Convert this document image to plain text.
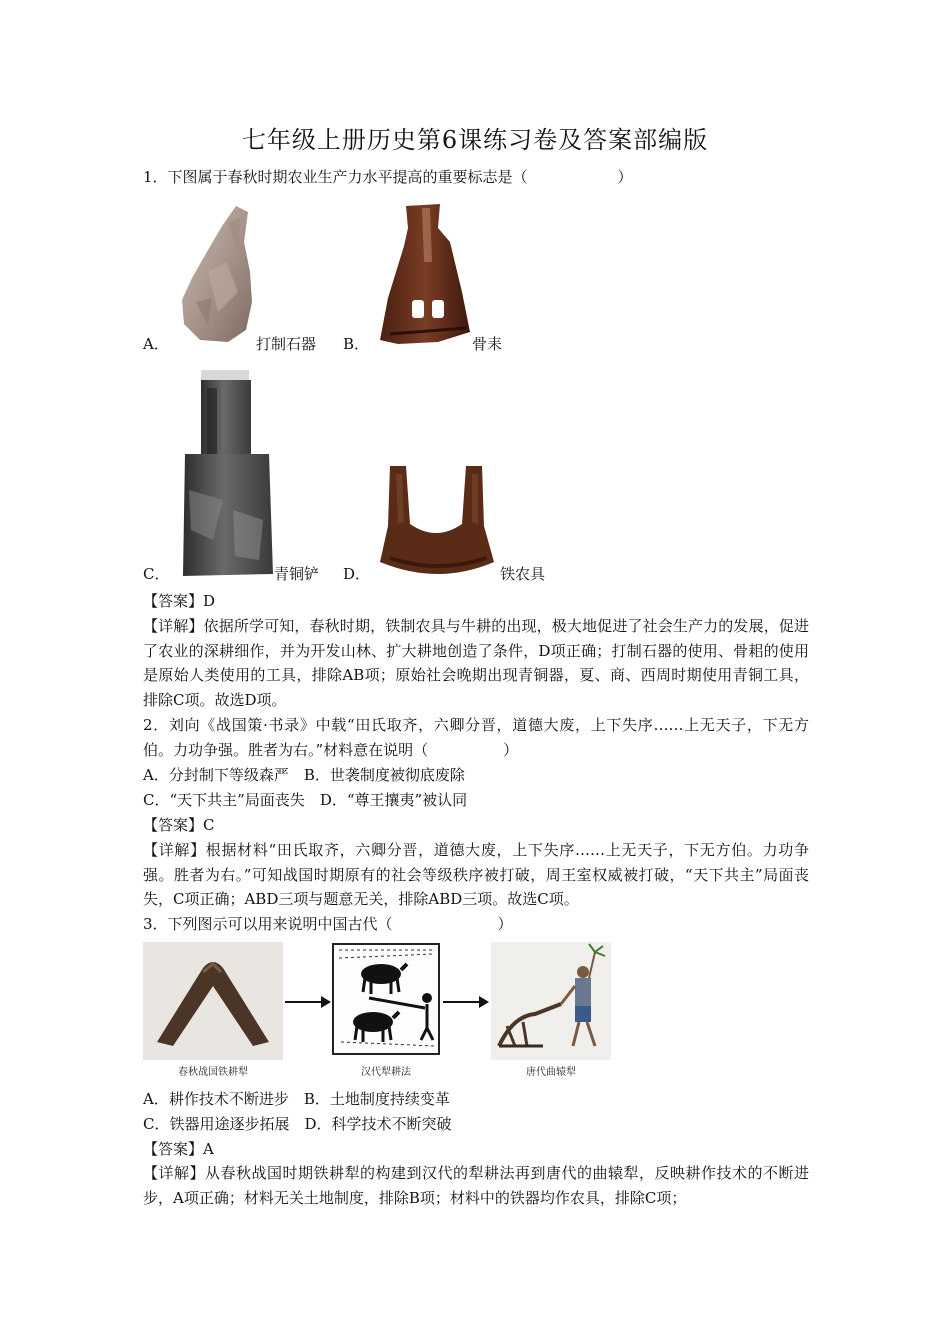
七年级上册历史第6课练习卷及答案部编版
1．下图属于春秋时期农业生产力水平提高的重要标志是（　　　　　　）
A．	打制石器 B．	骨耒
C．	青铜铲 D．	铁农具
【答案】D
【详解】依据所学可知，春秋时期，铁制农具与牛耕的出现，极大地促进了社会生产力的发展，促进了农业的深耕细作，并为开发山林、扩大耕地创造了条件，D项正确；打制石器的使用、骨耜的使用是原始人类使用的工具，排除AB项；原始社会晚期出现青铜器，夏、商、西周时期使用青铜工具，排除C项。故选D项。
2．刘向《战国策·书录》中载“田氏取齐，六卿分晋，道德大废，上下失序……上无天子，下无方伯。力功争强。胜者为右。”材料意在说明（　　　　　）
A．分封制下等级森严　B．世袭制度被彻底废除
C．“天下共主”局面丧失　D．“尊王攘夷”被认同
【答案】C
【详解】根据材料“田氏取齐，六卿分晋，道德大废，上下失序……上无天子，下无方伯。力功争强。胜者为右。”可知战国时期原有的社会等级秩序被打破，周王室权威被打破，“天下共主”局面丧失，C项正确；ABD三项与题意无关，排除ABD三项。故选C项。
3．下列图示可以用来说明中国古代（　　　　　　　）
春秋战国铁耕犁	汉代犁耕法	唐代曲辕犁
A．耕作技术不断进步　B．土地制度持续变革
C．铁器用途逐步拓展　D．科学技术不断突破
【答案】A
【详解】从春秋战国时期铁耕犁的构建到汉代的犁耕法再到唐代的曲辕犁，反映耕作技术的不断进步，A项正确；材料无关土地制度，排除B项；材料中的铁器均作农具，排除C项；
